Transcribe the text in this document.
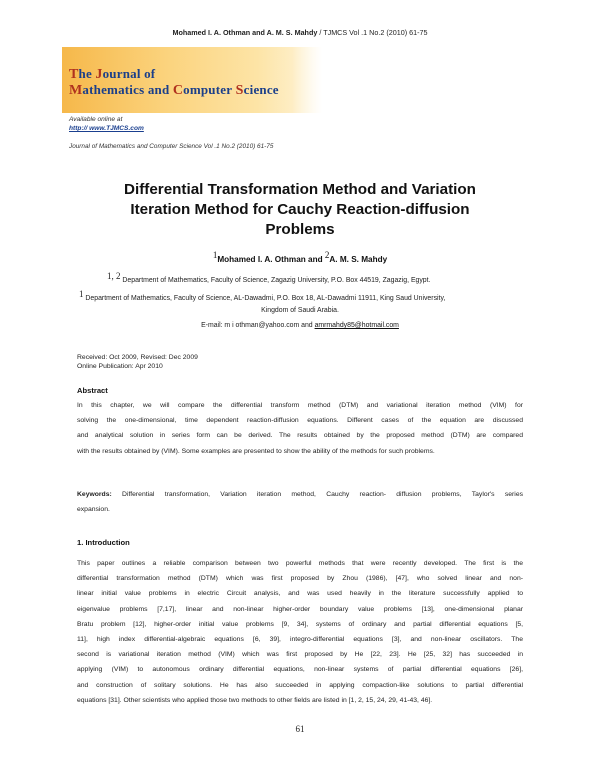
Mohamed I. A. Othman and A. M. S. Mahdy / TJMCS Vol .1 No.2 (2010) 61-75
The Journal of
Mathematics and Computer Science
Available online at
http:// www.TJMCS.com
Journal of Mathematics and Computer Science Vol .1 No.2 (2010) 61-75
Differential Transformation Method and Variation
Iteration Method for Cauchy Reaction-diffusion
Problems
$^1$Mohamed I. A. Othman and $^2$A. M. S. Mahdy
$^{1, 2}$ Department of Mathematics, Faculty of Science, Zagazig University, P.O. Box 44519, Zagazig, Egypt.
$^1$ Department of Mathematics, Faculty of Science, AL-Dawadmi, P.O. Box 18, AL-Dawadmi 11911, King Saud University,
Kingdom of Saudi Arabia.
E-mail: m i othman@yahoo.com and amrmahdy85@hotmail.com
Received: Oct 2009, Revised: Dec 2009
Online Publication: Apr 2010
Abstract
In this chapter, we will compare the differential transform method (DTM) and variational iteration method (VIM) for
solving the one-dimensional, time dependent reaction-diffusion equations. Different cases of the equation are discussed
and analytical solution in series form can be derived. The results obtained by the proposed method (DTM) are compared
with the results obtained by (VIM). Some examples are presented to show the ability of the methods for such problems.
Keywords: Differential transformation, Variation iteration method, Cauchy reaction- diffusion problems, Taylor's series
expansion.
1. Introduction
This paper outlines a reliable comparison between two powerful methods that were recently developed. The first is the
differential transformation method (DTM) which was first proposed by Zhou (1986), [47], who solved linear and non-
linear initial value problems in electric Circuit analysis, and was used heavily in the literature successfully applied to
eigenvalue problems [7,17], linear and non-linear higher-order boundary value problems [13], one-dimensional planar
Bratu problem [12], higher-order initial value problems [9, 34], systems of ordinary and partial differential equations [5,
11], high index differential-algebraic equations [6, 39], integro-differential equations [3], and non-linear oscillators. The
second is variational iteration method (VIM) which was first proposed by He [22, 23]. He [25, 32] has succeeded in
applying (VIM) to autonomous ordinary differential equations, non-linear systems of partial differential equations [26],
and construction of solitary solutions. He has also succeeded in applying compaction-like solutions to partial differential
equations [31]. Other scientists who applied those two methods to other fields are listed in [1, 2, 15, 24, 29, 41-43, 46].
61
